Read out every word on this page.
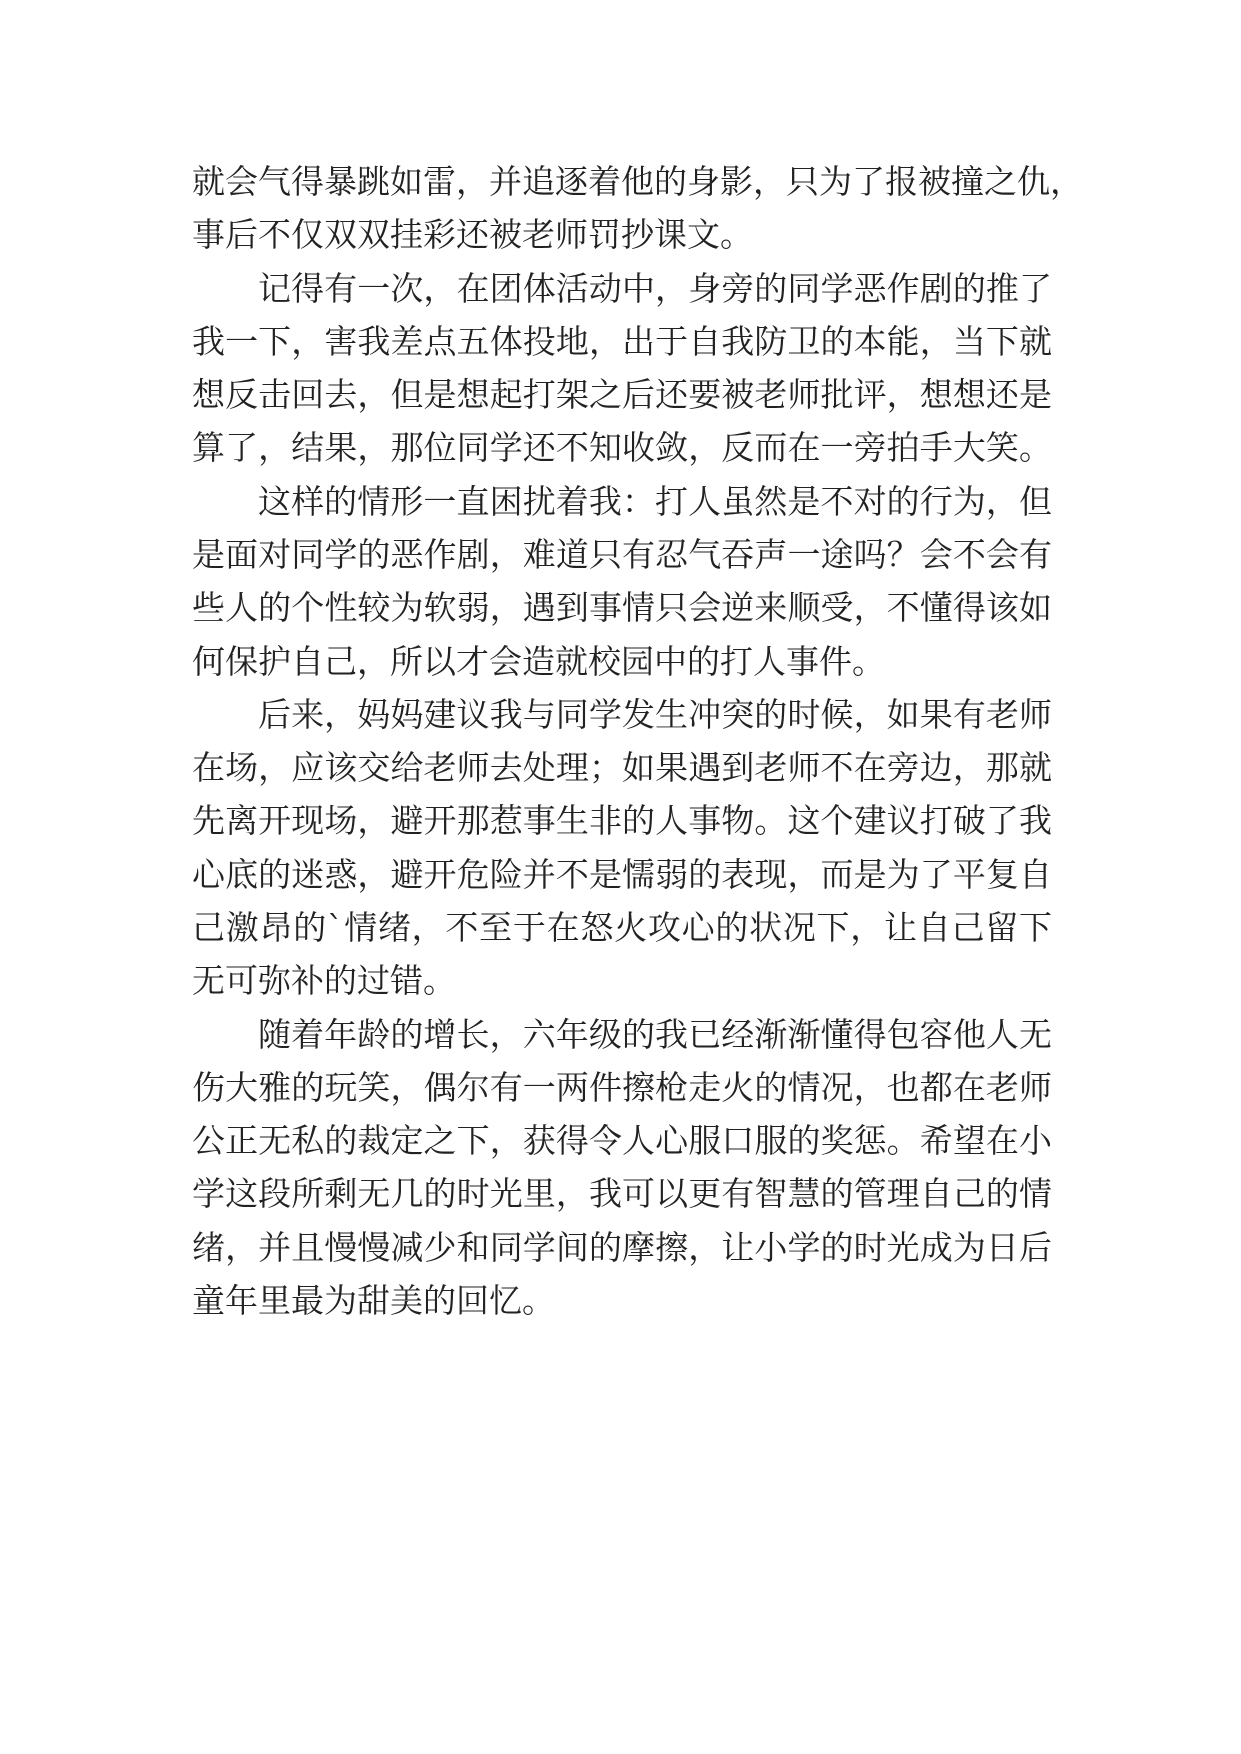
就会气得暴跳如雷，并追逐着他的身影，只为了报被撞之仇，
事后不仅双双挂彩还被老师罚抄课文。
记得有一次，在团体活动中，身旁的同学恶作剧的推了
我一下，害我差点五体投地，出于自我防卫的本能，当下就
想反击回去，但是想起打架之后还要被老师批评，想想还是
算了，结果，那位同学还不知收敛，反而在一旁拍手大笑。
这样的情形一直困扰着我：打人虽然是不对的行为，但
是面对同学的恶作剧，难道只有忍气吞声一途吗？会不会有
些人的个性较为软弱，遇到事情只会逆来顺受，不懂得该如
何保护自己，所以才会造就校园中的打人事件。
后来，妈妈建议我与同学发生冲突的时候，如果有老师
在场，应该交给老师去处理；如果遇到老师不在旁边，那就
先离开现场，避开那惹事生非的人事物。这个建议打破了我
心底的迷惑，避开危险并不是懦弱的表现，而是为了平复自
己激昂的`情绪，不至于在怒火攻心的状况下，让自己留下
无可弥补的过错。
随着年龄的增长，六年级的我已经渐渐懂得包容他人无
伤大雅的玩笑，偶尔有一两件擦枪走火的情况，也都在老师
公正无私的裁定之下，获得令人心服口服的奖惩。希望在小
学这段所剩无几的时光里，我可以更有智慧的管理自己的情
绪，并且慢慢减少和同学间的摩擦，让小学的时光成为日后
童年里最为甜美的回忆。
